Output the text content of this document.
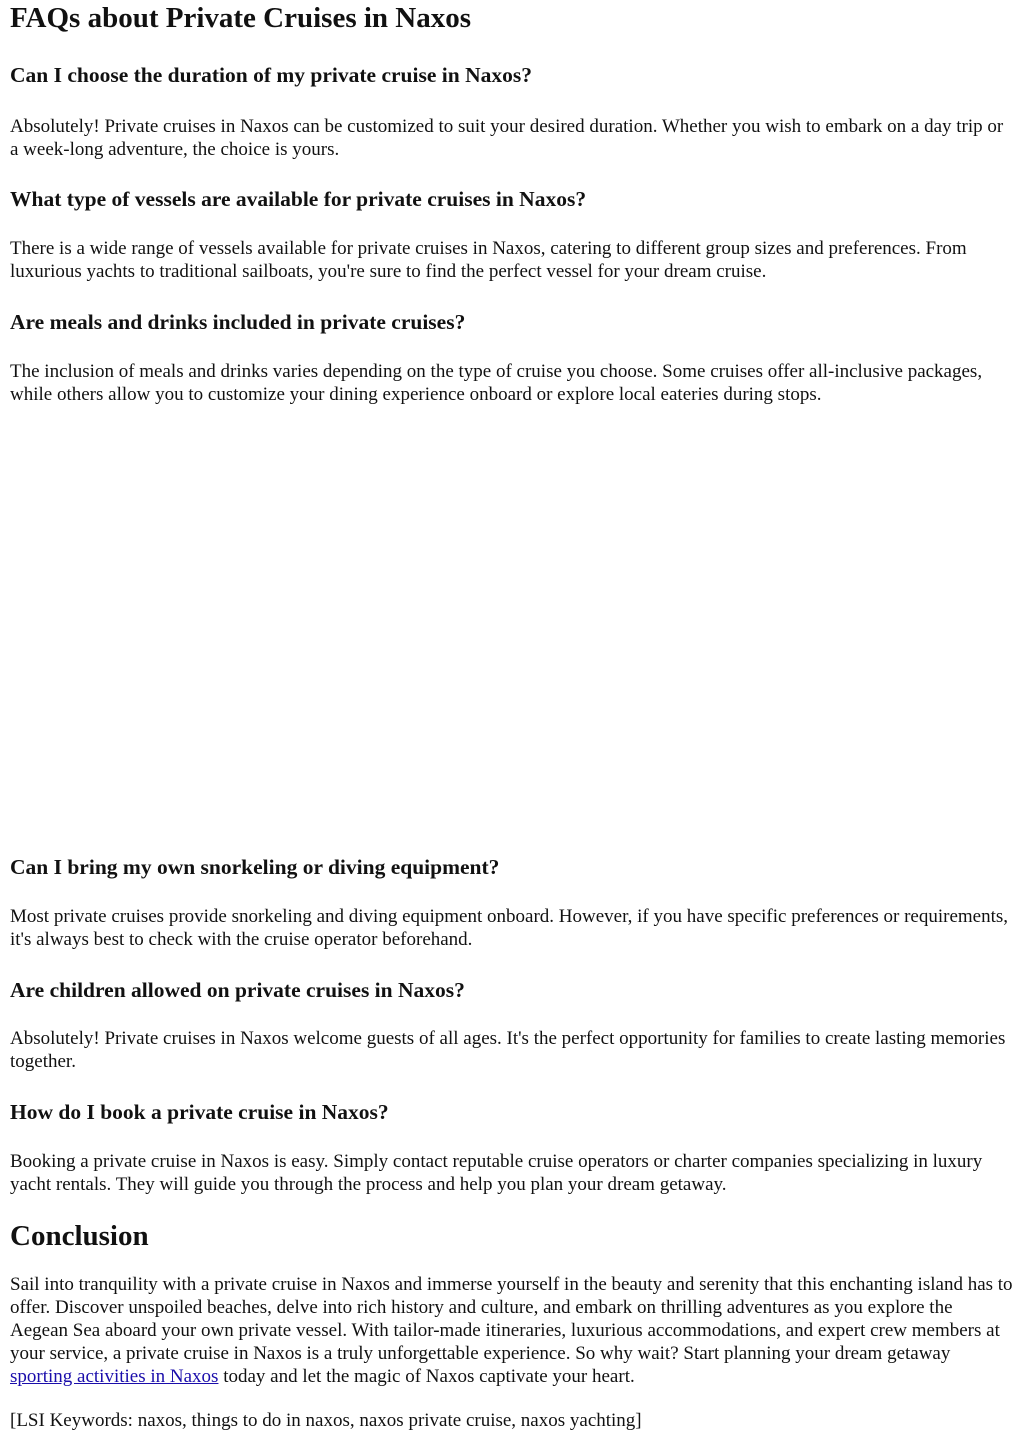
FAQs about Private Cruises in Naxos
Can I choose the duration of my private cruise in Naxos?

Absolutely! Private cruises in Naxos can be customized to suit your desired duration. Whether you wish to embark on a day trip or a week-long adventure, the choice is yours.

What type of vessels are available for private cruises in Naxos?

There is a wide range of vessels available for private cruises in Naxos, catering to different group sizes and preferences. From luxurious yachts to traditional sailboats, you're sure to find the perfect vessel for your dream cruise.

Are meals and drinks included in private cruises?

The inclusion of meals and drinks varies depending on the type of cruise you choose. Some cruises offer all-inclusive packages, while others allow you to customize your dining experience onboard or explore local eateries during stops.

Can I bring my own snorkeling or diving equipment?

Most private cruises provide snorkeling and diving equipment onboard. However, if you have specific preferences or requirements, it's always best to check with the cruise operator beforehand.

Are children allowed on private cruises in Naxos?

Absolutely! Private cruises in Naxos welcome guests of all ages. It's the perfect opportunity for families to create lasting memories together.

How do I book a private cruise in Naxos?

Booking a private cruise in Naxos is easy. Simply contact reputable cruise operators or charter companies specializing in luxury yacht rentals. They will guide you through the process and help you plan your dream getaway.

Conclusion

Sail into tranquility with a private cruise in Naxos and immerse yourself in the beauty and serenity that this enchanting island has to offer. Discover unspoiled beaches, delve into rich history and culture, and embark on thrilling adventures as you explore the Aegean Sea aboard your own private vessel. With tailor-made itineraries, luxurious accommodations, and expert crew members at your service, a private cruise in Naxos is a truly unforgettable experience. So why wait? Start planning your dream getaway sporting activities in Naxos today and let the magic of Naxos captivate your heart.

[LSI Keywords: naxos, things to do in naxos, naxos private cruise, naxos yachting]
